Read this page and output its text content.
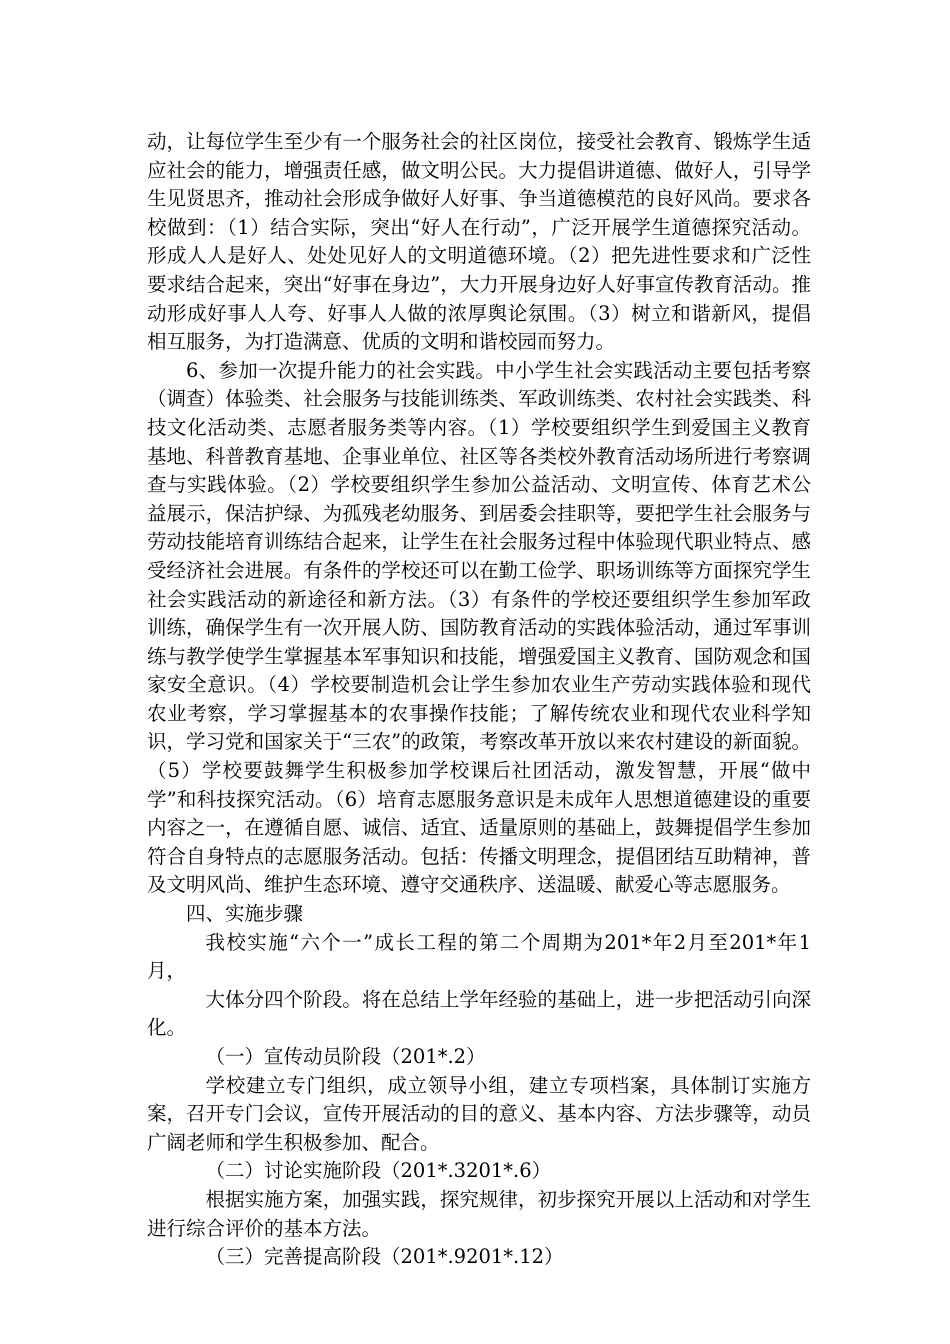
动，让每位学生至少有一个服务社会的社区岗位，接受社会教育、锻炼学生适应社会的能力，增强责任感，做文明公民。大力提倡讲道德、做好人，引导学生见贤思齐，推动社会形成争做好人好事、争当道德模范的良好风尚。要求各校做到：（1）结合实际，突出“好人在行动”，广泛开展学生道德探究活动。形成人人是好人、处处见好人的文明道德环境。（2）把先进性要求和广泛性要求结合起来，突出“好事在身边”，大力开展身边好人好事宣传教育活动。推动形成好事人人夸、好事人人做的浓厚舆论氛围。（3）树立和谐新风，提倡相互服务，为打造满意、优质的文明和谐校园而努力。

6、参加一次提升能力的社会实践。中小学生社会实践活动主要包括考察（调查）体验类、社会服务与技能训练类、军政训练类、农村社会实践类、科技文化活动类、志愿者服务类等内容。（1）学校要组织学生到爱国主义教育基地、科普教育基地、企事业单位、社区等各类校外教育活动场所进行考察调查与实践体验。（2）学校要组织学生参加公益活动、文明宣传、体育艺术公益展示，保洁护绿、为孤残老幼服务、到居委会挂职等，要把学生社会服务与劳动技能培育训练结合起来，让学生在社会服务过程中体验现代职业特点、感受经济社会进展。有条件的学校还可以在勤工俭学、职场训练等方面探究学生社会实践活动的新途径和新方法。（3）有条件的学校还要组织学生参加军政训练，确保学生有一次开展人防、国防教育活动的实践体验活动，通过军事训练与教学使学生掌握基本军事知识和技能，增强爱国主义教育、国防观念和国家安全意识。（4）学校要制造机会让学生参加农业生产劳动实践体验和现代农业考察，学习掌握基本的农事操作技能；了解传统农业和现代农业科学知识，学习党和国家关于“三农”的政策，考察改革开放以来农村建设的新面貌。（5）学校要鼓舞学生积极参加学校课后社团活动，激发智慧，开展“做中学”和科技探究活动。（6）培育志愿服务意识是未成年人思想道德建设的重要内容之一，在遵循自愿、诚信、适宜、适量原则的基础上，鼓舞提倡学生参加符合自身特点的志愿服务活动。包括：传播文明理念，提倡团结互助精神，普及文明风尚、维护生态环境、遵守交通秩序、送温暖、献爱心等志愿服务。

四、实施步骤

我校实施“六个一”成长工程的第二个周期为201*年2月至201*年1月，

大体分四个阶段。将在总结上学年经验的基础上，进一步把活动引向深化。

（一）宣传动员阶段（201*.2）

学校建立专门组织，成立领导小组，建立专项档案，具体制订实施方案，召开专门会议，宣传开展活动的目的意义、基本内容、方法步骤等，动员广阔老师和学生积极参加、配合。

（二）讨论实施阶段（201*.3201*.6）

根据实施方案，加强实践，探究规律，初步探究开展以上活动和对学生进行综合评价的基本方法。

（三）完善提高阶段（201*.9201*.12）
